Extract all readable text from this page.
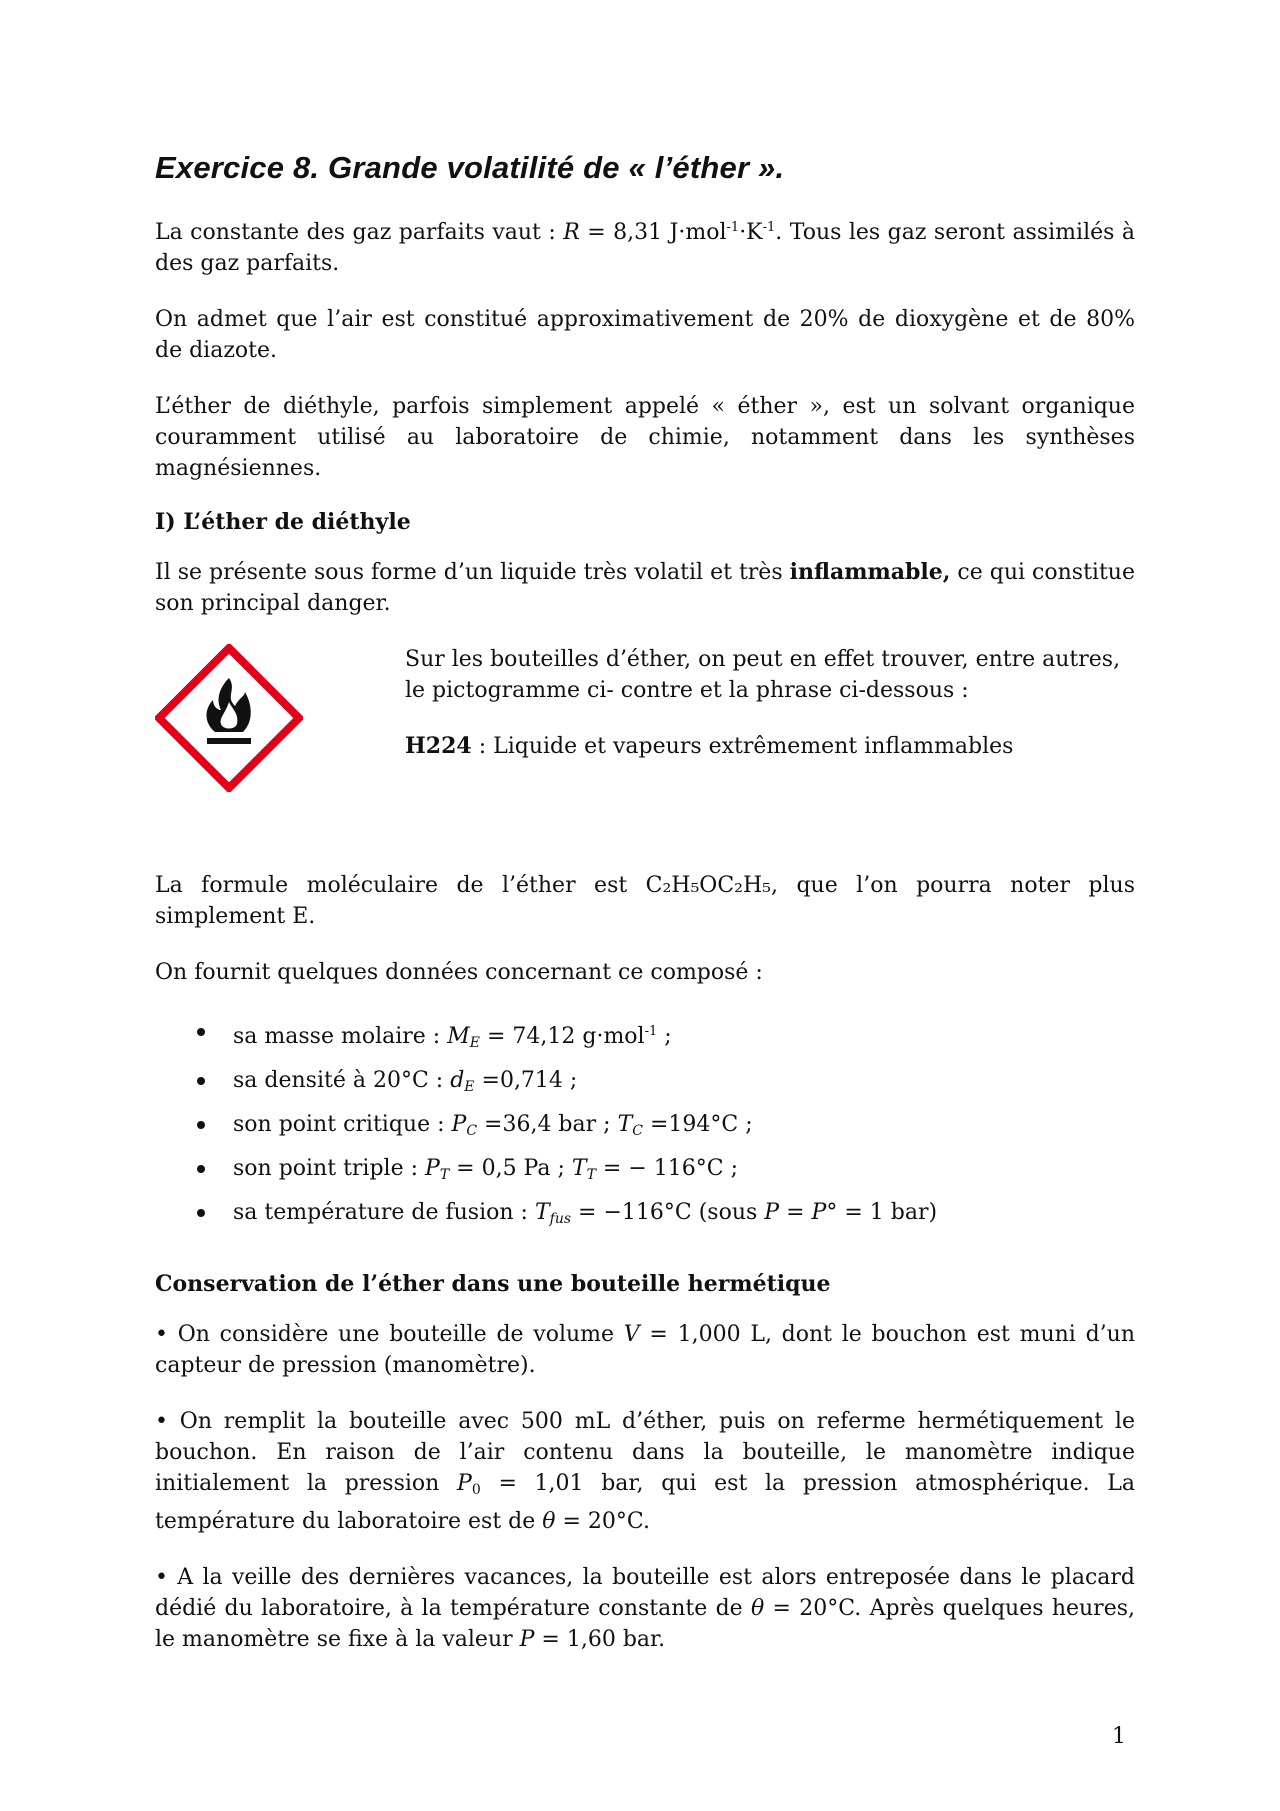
Exercice 8. Grande volatilité de « l’éther ».

La constante des gaz parfaits vaut : R = 8,31 $J\cdot mol^{-1}\cdot K^{-1}$. Tous les gaz seront assimilés à des gaz parfaits.

On admet que l’air est constitué approximativement de 20% de dioxygène et de 80% de diazote.

L’éther de diéthyle, parfois simplement appelé « éther », est un solvant organique couramment utilisé au laboratoire de chimie, notamment dans les synthèses magnésiennes.

I) L’éther de diéthyle

Il se présente sous forme d’un liquide très volatil et très inflammable, ce qui constitue son principal danger.

Sur les bouteilles d’éther, on peut en effet trouver, entre autres, le pictogramme ci- contre et la phrase ci-dessous :

H224 : Liquide et vapeurs extrêmement inflammables

La formule moléculaire de l’éther est C₂H₅OC₂H₅, que l’on pourra noter plus simplement E.

On fournit quelques données concernant ce composé :

sa masse molaire : $M_E = 74,12$ g·mol$^{-1}$ ;
sa densité à 20°C : $d_E =0,714$ ;
son point critique : $P_C =36,4$ bar ; $T_C =194^\circ C$ ;
son point triple : $P_T = 0,5$ Pa ; $T_T$ = − 116°C ;
sa température de fusion : $T_{fus} = -116^\circ C$ (sous P = P° = 1 bar)
Conservation de l’éther dans une bouteille hermétique

• On considère une bouteille de volume V = 1,000 L, dont le bouchon est muni d’un capteur de pression (manomètre).

• On remplit la bouteille avec 500 mL d’éther, puis on referme hermétiquement le bouchon. En raison de l’air contenu dans la bouteille, le manomètre indique initialement la pression $P_0 = 1,01$ bar, qui est la pression atmosphérique. La température du laboratoire est de θ = 20°C.

• A la veille des dernières vacances, la bouteille est alors entreposée dans le placard dédié du laboratoire, à la température constante de θ = 20°C. Après quelques heures, le manomètre se fixe à la valeur P = 1,60 bar.

1
